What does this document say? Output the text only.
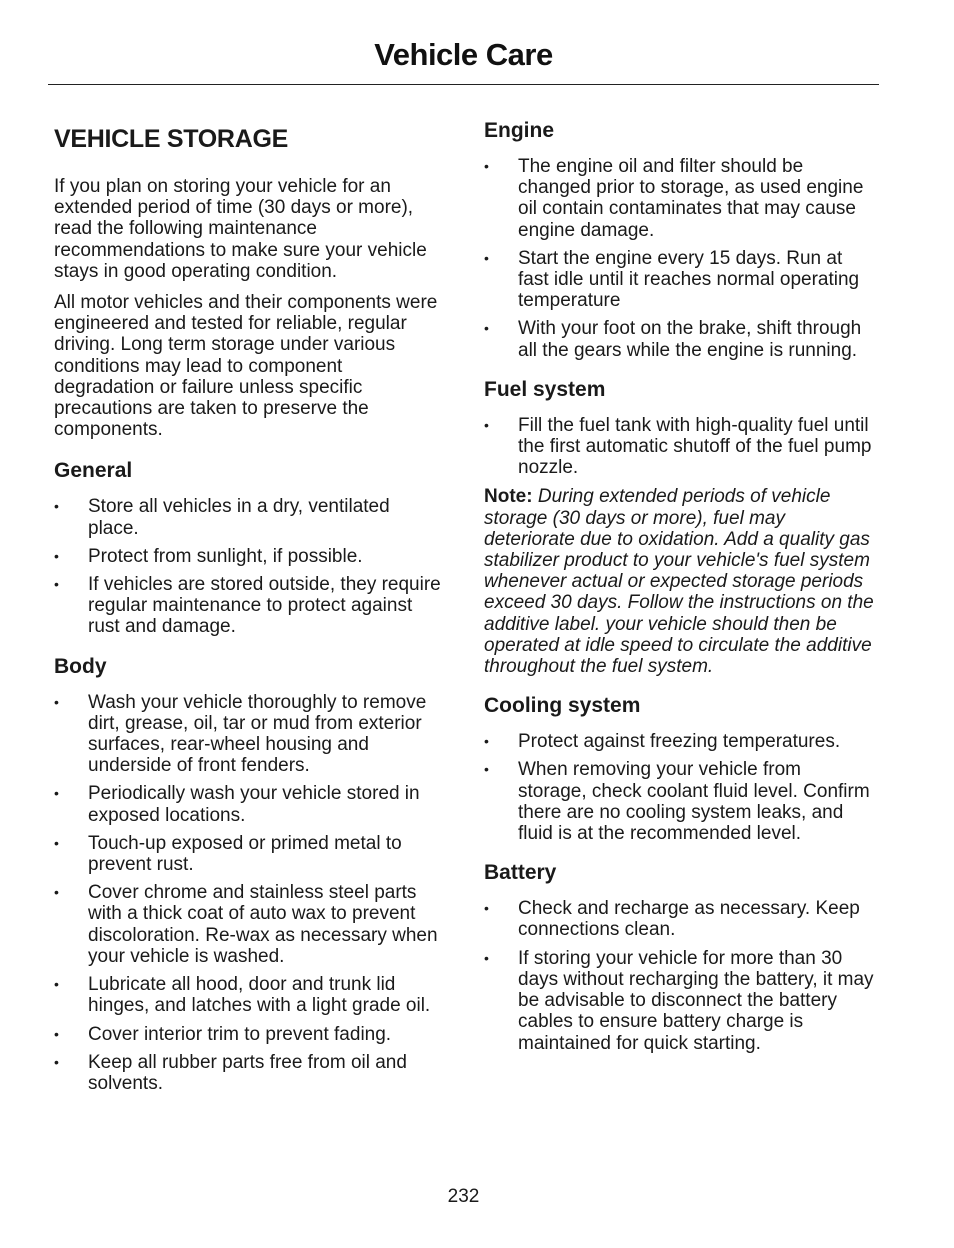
Vehicle Care
VEHICLE STORAGE

If you plan on storing your vehicle for an extended period of time (30 days or more), read the following maintenance recommendations to make sure your vehicle stays in good operating condition.

All motor vehicles and their components were engineered and tested for reliable, regular driving. Long term storage under various conditions may lead to component degradation or failure unless specific precautions are taken to preserve the components.

General
• Store all vehicles in a dry, ventilated place.
• Protect from sunlight, if possible.
• If vehicles are stored outside, they require regular maintenance to protect against rust and damage.
Body
• Wash your vehicle thoroughly to remove dirt, grease, oil, tar or mud from exterior surfaces, rear-wheel housing and underside of front fenders.
• Periodically wash your vehicle stored in exposed locations.
• Touch-up exposed or primed metal to prevent rust.
• Cover chrome and stainless steel parts with a thick coat of auto wax to prevent discoloration. Re-wax as necessary when your vehicle is washed.
• Lubricate all hood, door and trunk lid hinges, and latches with a light grade oil.
• Cover interior trim to prevent fading.
• Keep all rubber parts free from oil and solvents.
Engine
• The engine oil and filter should be changed prior to storage, as used engine oil contain contaminates that may cause engine damage.
• Start the engine every 15 days. Run at fast idle until it reaches normal operating temperature
• With your foot on the brake, shift through all the gears while the engine is running.
Fuel system
• Fill the fuel tank with high-quality fuel until the first automatic shutoff of the fuel pump nozzle.

Note: During extended periods of vehicle storage (30 days or more), fuel may deteriorate due to oxidation. Add a quality gas stabilizer product to your vehicle's fuel system whenever actual or expected storage periods exceed 30 days. Follow the instructions on the additive label. your vehicle should then be operated at idle speed to circulate the additive throughout the fuel system.

Cooling system
• Protect against freezing temperatures.
• When removing your vehicle from storage, check coolant fluid level. Confirm there are no cooling system leaks, and fluid is at the recommended level.
Battery
• Check and recharge as necessary. Keep connections clean.
• If storing your vehicle for more than 30 days without recharging the battery, it may be advisable to disconnect the battery cables to ensure battery charge is maintained for quick starting.
232
